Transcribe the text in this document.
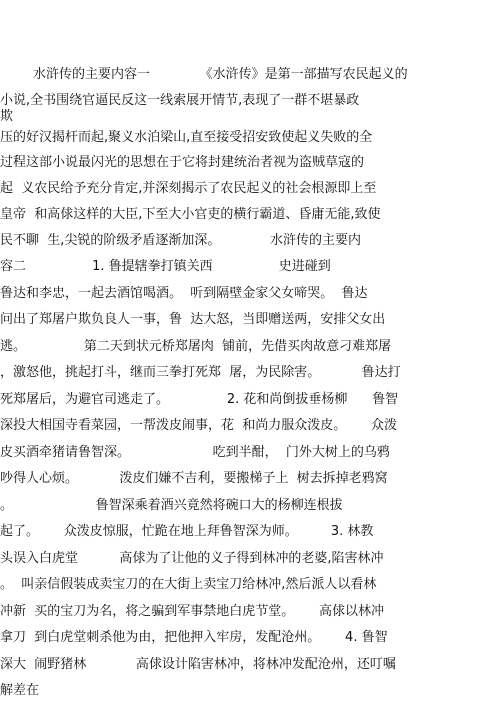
水浒传的主要内容一            《水浒传》是第一部描写农民起义的
小说,全书围绕官逼民反这一线索展开情节,表现了一群不堪暴政
欺
压的好汉揭杆而起,聚义水泊梁山,直至接受招安致使起义失败的全
过程这部小说最闪光的思想在于它将封建统治者视为盗贼草寇的
起  义农民给予充分肯定,并深刻揭示了农民起义的社会根源即上至
皇帝  和高俅这样的大臣,下至大小官吏的横行霸道、昏庸无能,致使
民不聊  生,尖锐的阶级矛盾逐渐加深。            水浒传的主要内
容二                1. 鲁提辖拳打镇关西                史进碰到
鲁达和李忠，一起去酒馆喝酒。  听到隔壁金家父女啼哭。  鲁达
问出了郑屠户欺负良人一事，鲁  达大怒，当即赠送两，安排父女出
逃。              第二天到状元桥郑屠肉  铺前，先借买肉故意刁难郑屠
，激怒他，挑起打斗，继而三拳打死郑  屠，为民除害。          鲁达打
死郑屠后，为避官司逃走了。              2. 花和尚倒拔垂杨柳      鲁智
深投大相国寺看菜园，一帮泼皮闹事，花  和尚力服众泼皮。      众泼
皮买酒牵猪请鲁智深。                    吃到半酣，  门外大树上的乌鸦
吵得人心烦。          泼皮们嫌不吉利，要搬梯子上  树去拆掉老鸦窝
。                    鲁智深乘着酒兴竟然将碗口大的杨柳连根拔
起了。      众泼皮惊服，忙跪在地上拜鲁智深为师。        3. 林教
头误入白虎堂          高俅为了让他的义子得到林冲的老婆,陷害林冲
。  叫亲信假装成卖宝刀的在大街上卖宝刀给林冲,然后派人以看林
冲新  买的宝刀为名，将之骗到军事禁地白虎节堂。      高俅以林冲
拿刀  到白虎堂刺杀他为由，把他押入牢房，发配沧州。      4. 鲁智
深大  闹野猪林            高俅设计陷害林冲，将林冲发配沧州，还叮嘱
解差在
